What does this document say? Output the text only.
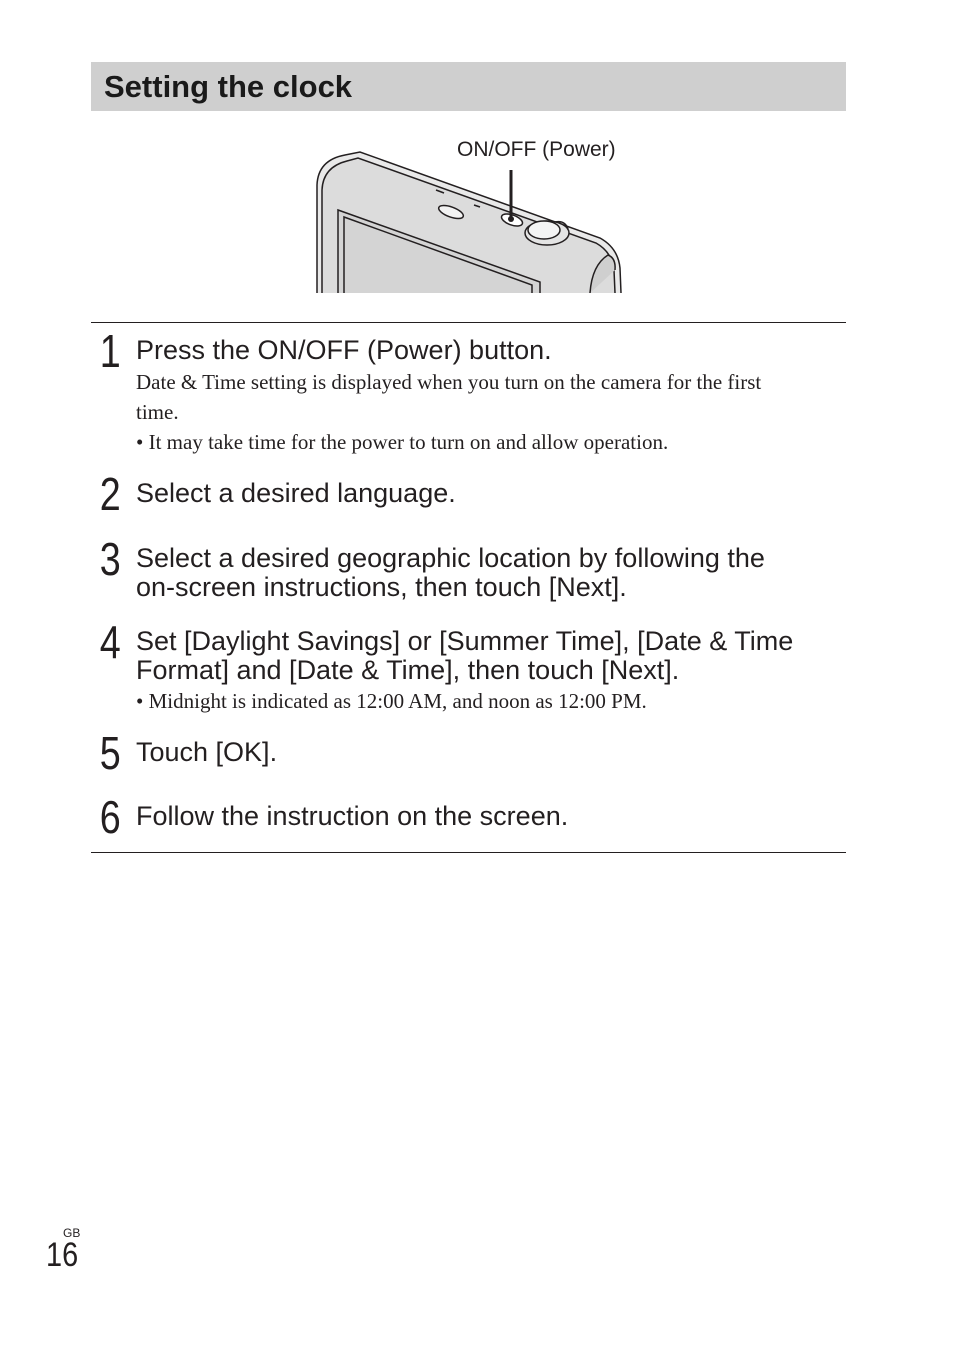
Setting the clock
ON/OFF (Power)
1 Press the ON/OFF (Power) button.
Date & Time setting is displayed when you turn on the camera for the first
time.
• It may take time for the power to turn on and allow operation.
2 Select a desired language.
3 Select a desired geographic location by following the
on-screen instructions, then touch [Next].
4 Set [Daylight Savings] or [Summer Time], [Date & Time
Format] and [Date & Time], then touch [Next].
• Midnight is indicated as 12:00 AM, and noon as 12:00 PM.
5 Touch [OK].
6 Follow the instruction on the screen.
GB
16
